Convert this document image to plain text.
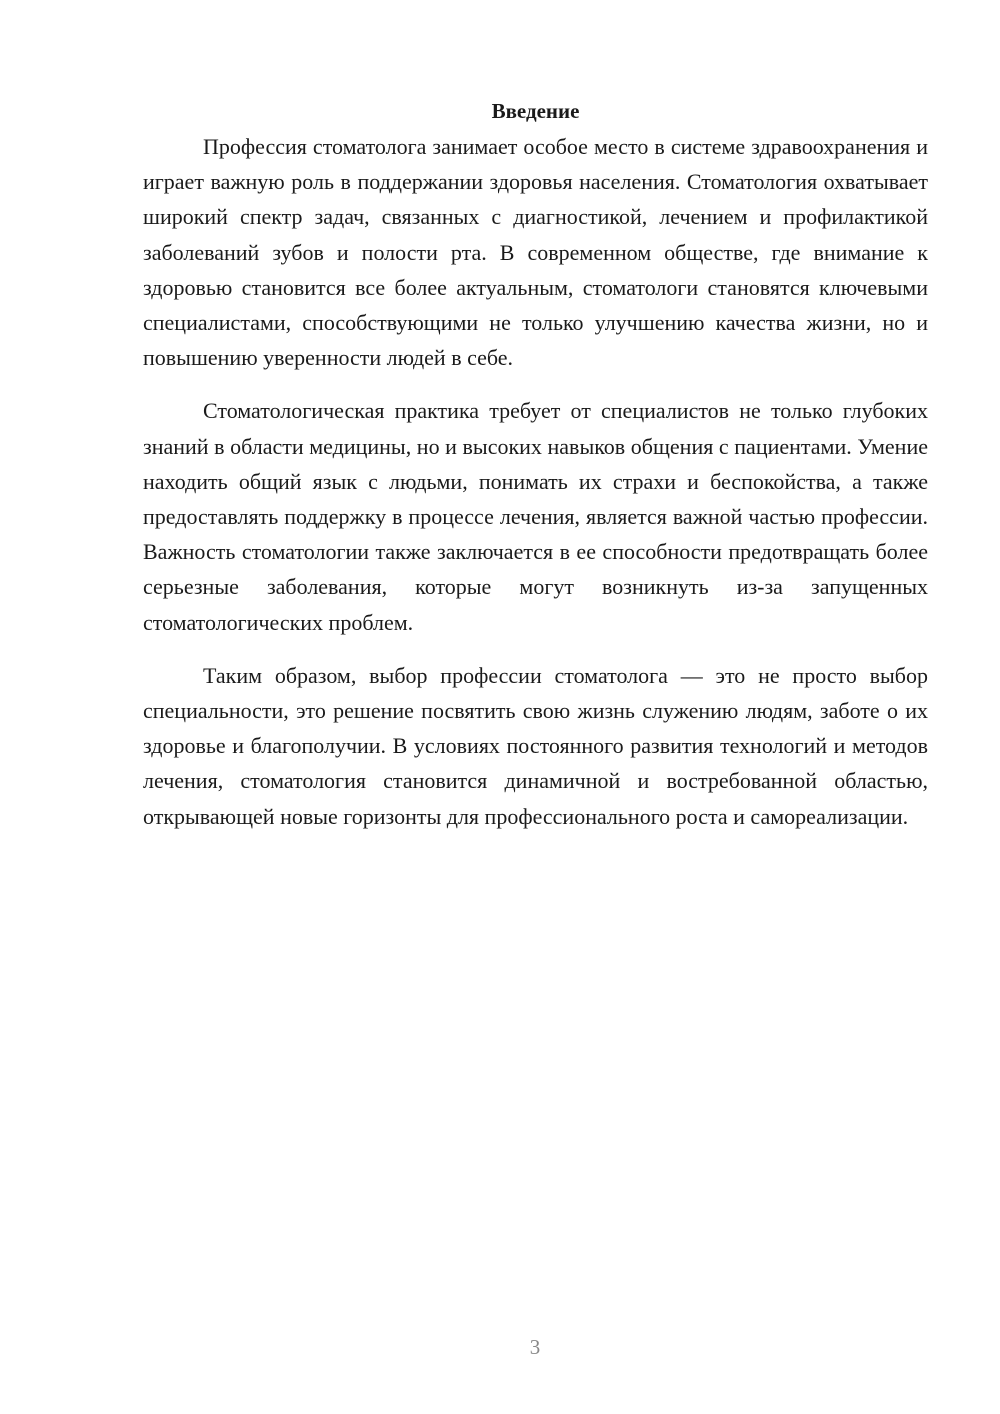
Введение

Профессия стоматолога занимает особое место в системе здравоохранения и играет важную роль в поддержании здоровья населения. Стоматология охватывает широкий спектр задач, связанных с диагностикой, лечением и профилактикой заболеваний зубов и полости рта. В современном обществе, где внимание к здоровью становится все более актуальным, стоматологи становятся ключевыми специалистами, способствующими не только улучшению качества жизни, но и повышению уверенности людей в себе.

Стоматологическая практика требует от специалистов не только глубоких знаний в области медицины, но и высоких навыков общения с пациентами. Умение находить общий язык с людьми, понимать их страхи и беспокойства, а также предоставлять поддержку в процессе лечения, является важной частью профессии. Важность стоматологии также заключается в ее способности предотвращать более серьезные заболевания, которые могут возникнуть из-за запущенных стоматологических проблем.

Таким образом, выбор профессии стоматолога — это не просто выбор специальности, это решение посвятить свою жизнь служению людям, заботе о их здоровье и благополучии. В условиях постоянного развития технологий и методов лечения, стоматология становится динамичной и востребованной областью, открывающей новые горизонты для профессионального роста и самореализации.

3
